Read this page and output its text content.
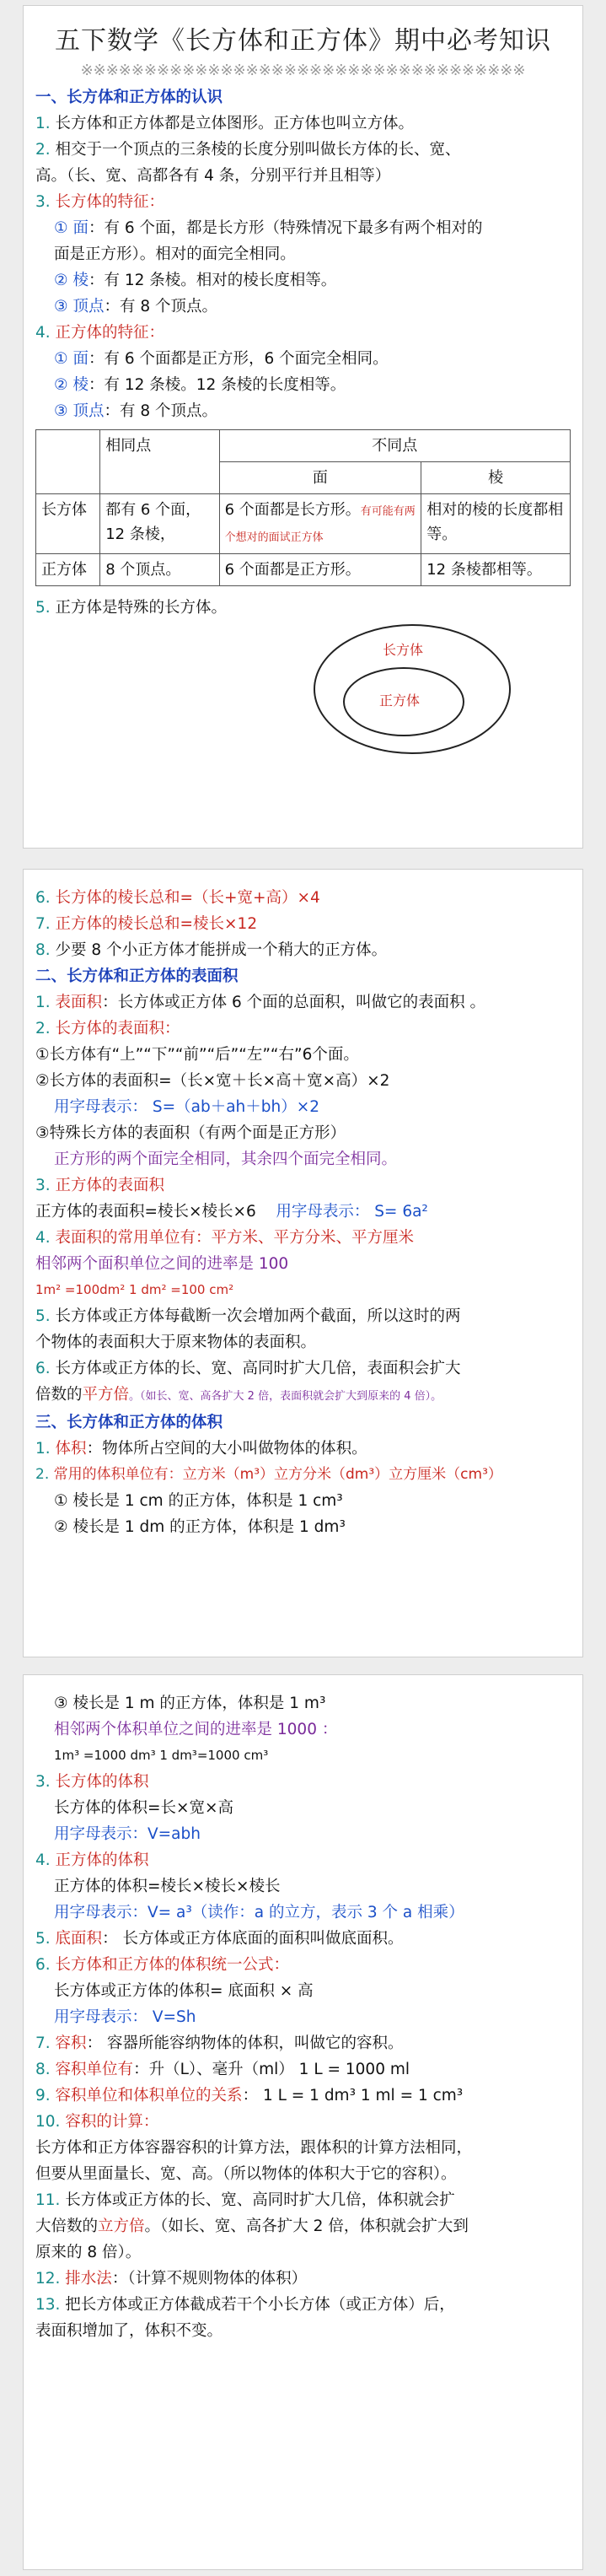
五下数学《长方体和正方体》期中必考知识
※※※※※※※※※※※※※※※※※※※※※※※※※※※※※※※※※※※
一、长方体和正方体的认识
1. 长方体和正方体都是立体图形。正方体也叫立方体。
2. 相交于一个顶点的三条棱的长度分别叫做长方体的长、宽、
高。（长、宽、高都各有 4 条，分别平行并且相等）
3. 长方体的特征：
① 面：有 6 个面，都是长方形（特殊情况下最多有两个相对的
面是正方形）。相对的面完全相同。
② 棱：有 12 条棱。相对的棱长度相等。
③ 顶点：有 8 个顶点。
4. 正方体的特征：
① 面：有 6 个面都是正方形，6 个面完全相同。
② 棱：有 12 条棱。12 条棱的长度相等。
③ 顶点：有 8 个顶点。
	相同点	不同点	
		面	棱
长方体	都有 6 个面，12 条棱，	6 个面都是长方形。有可能有两个想对的面试正方体	相对的棱的长度都相等。
正方体	8 个顶点。	6 个面都是正方形。	12 条棱都相等。
5. 正方体是特殊的长方体。
长方体
正方体
6. 长方体的棱长总和=（长+宽+高）×4
7. 正方体的棱长总和=棱长×12
8. 少要 8 个小正方体才能拼成一个稍大的正方体。
二、长方体和正方体的表面积
1. 表面积：长方体或正方体 6 个面的总面积，叫做它的表面积 。
2. 长方体的表面积：
①长方体有“上”“下”“前”“后”“左”“右”6个面。
②长方体的表面积=（长×宽＋长×高＋宽×高）×2
用字母表示： S=（ab＋ah＋bh）×2
③特殊长方体的表面积（有两个面是正方形）
正方形的两个面完全相同，其余四个面完全相同。
3. 正方体的表面积
正方体的表面积=棱长×棱长×6 用字母表示： S= 6a²
4. 表面积的常用单位有：平方米、平方分米、平方厘米
相邻两个面积单位之间的进率是 100
1m² =100dm² 1 dm² =100 cm²
5. 长方体或正方体每截断一次会增加两个截面，所以这时的两
个物体的表面积大于原来物体的表面积。
6. 长方体或正方体的长、宽、高同时扩大几倍，表面积会扩大
倍数的平方倍。（如长、宽、高各扩大 2 倍，表面积就会扩大到原来的 4 倍）。
三、长方体和正方体的体积
1. 体积：物体所占空间的大小叫做物体的体积。
2. 常用的体积单位有：立方米（m³）立方分米（dm³）立方厘米（cm³）
① 棱长是 1 cm 的正方体，体积是 1 cm³
② 棱长是 1 dm 的正方体，体积是 1 dm³
③ 棱长是 1 m 的正方体，体积是 1 m³
相邻两个体积单位之间的进率是 1000 ：
1m³ =1000 dm³ 1 dm³=1000 cm³
3. 长方体的体积
长方体的体积=长×宽×高
用字母表示：V=abh
4. 正方体的体积
正方体的体积=棱长×棱长×棱长
用字母表示：V= a³（读作：a 的立方，表示 3 个 a 相乘）
5. 底面积： 长方体或正方体底面的面积叫做底面积。
6. 长方体和正方体的体积统一公式：
长方体或正方体的体积= 底面积 × 高
用字母表示： V=Sh
7. 容积： 容器所能容纳物体的体积，叫做它的容积。
8. 容积单位有：升（L）、毫升（ml） 1 L = 1000 ml
9. 容积单位和体积单位的关系： 1 L = 1 dm³ 1 ml = 1 cm³
10. 容积的计算：
长方体和正方体容器容积的计算方法，跟体积的计算方法相同，
但要从里面量长、宽、高。（所以物体的体积大于它的容积）。
11. 长方体或正方体的长、宽、高同时扩大几倍，体积就会扩
大倍数的立方倍。（如长、宽、高各扩大 2 倍，体积就会扩大到
原来的 8 倍）。
12. 排水法：（计算不规则物体的体积）
13. 把长方体或正方体截成若干个小长方体（或正方体）后，
表面积增加了，体积不变。
